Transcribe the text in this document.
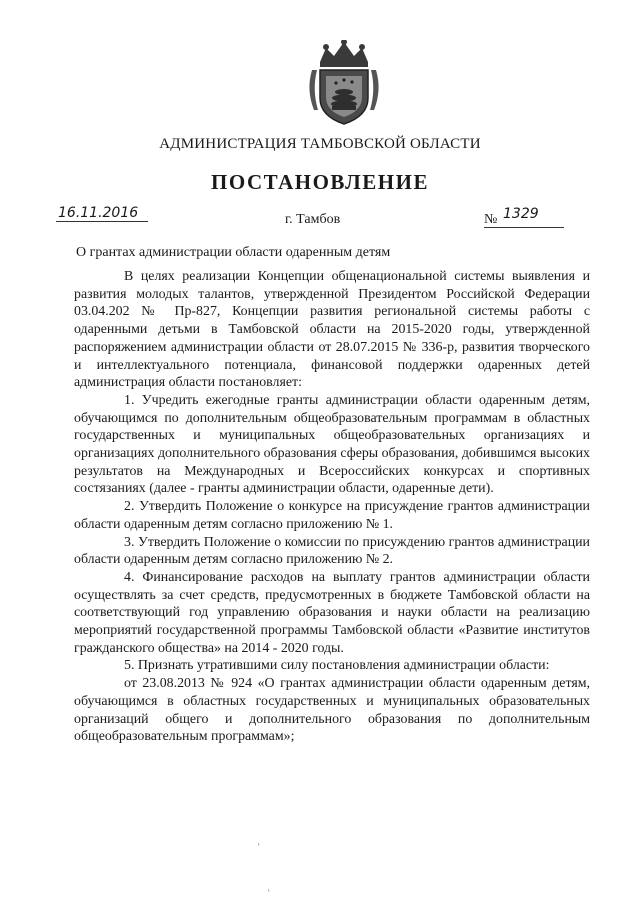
АДМИНИСТРАЦИЯ ТАМБОВСКОЙ ОБЛАСТИ
ПОСТАНОВЛЕНИЕ
16.11.2016	г. Тамбов	№ 1329
О грантах администрации области одаренным детям

В целях реализации Концепции общенациональной системы выявления и развития молодых талантов, утвержденной Президентом Российской Федерации 03.04.202 № Пр-827, Концепции развития региональной системы работы с одаренными детьми в Тамбовской области на 2015-2020 годы, утвержденной распоряжением администрации области от 28.07.2015 № 336-р, развития творческого и интеллектуального потенциала, финансовой поддержки одаренных детей администрация области постановляет:

1. Учредить ежегодные гранты администрации области одаренным детям, обучающимся по дополнительным общеобразовательным программам в областных государственных и муниципальных общеобразовательных организациях и организациях дополнительного образования сферы образования, добившимся высоких результатов на Международных и Всероссийских конкурсах и спортивных состязаниях (далее - гранты администрации области, одаренные дети).

2. Утвердить Положение о конкурсе на присуждение грантов администрации области одаренным детям согласно приложению № 1.

3. Утвердить Положение о комиссии по присуждению грантов администрации области одаренным детям согласно приложению № 2.

4. Финансирование расходов на выплату грантов администрации области осуществлять за счет средств, предусмотренных в бюджете Тамбовской области на соответствующий год управлению образования и науки области на реализацию мероприятий государственной программы Тамбовской области «Развитие институтов гражданского общества» на 2014 - 2020 годы.

5. Признать утратившими силу постановления администрации области:

от 23.08.2013 № 924 «О грантах администрации области одаренным детям, обучающимся в областных государственных и муниципальных образовательных организаций общего и дополнительного образования по дополнительным общеобразовательным программам»;

'
'
